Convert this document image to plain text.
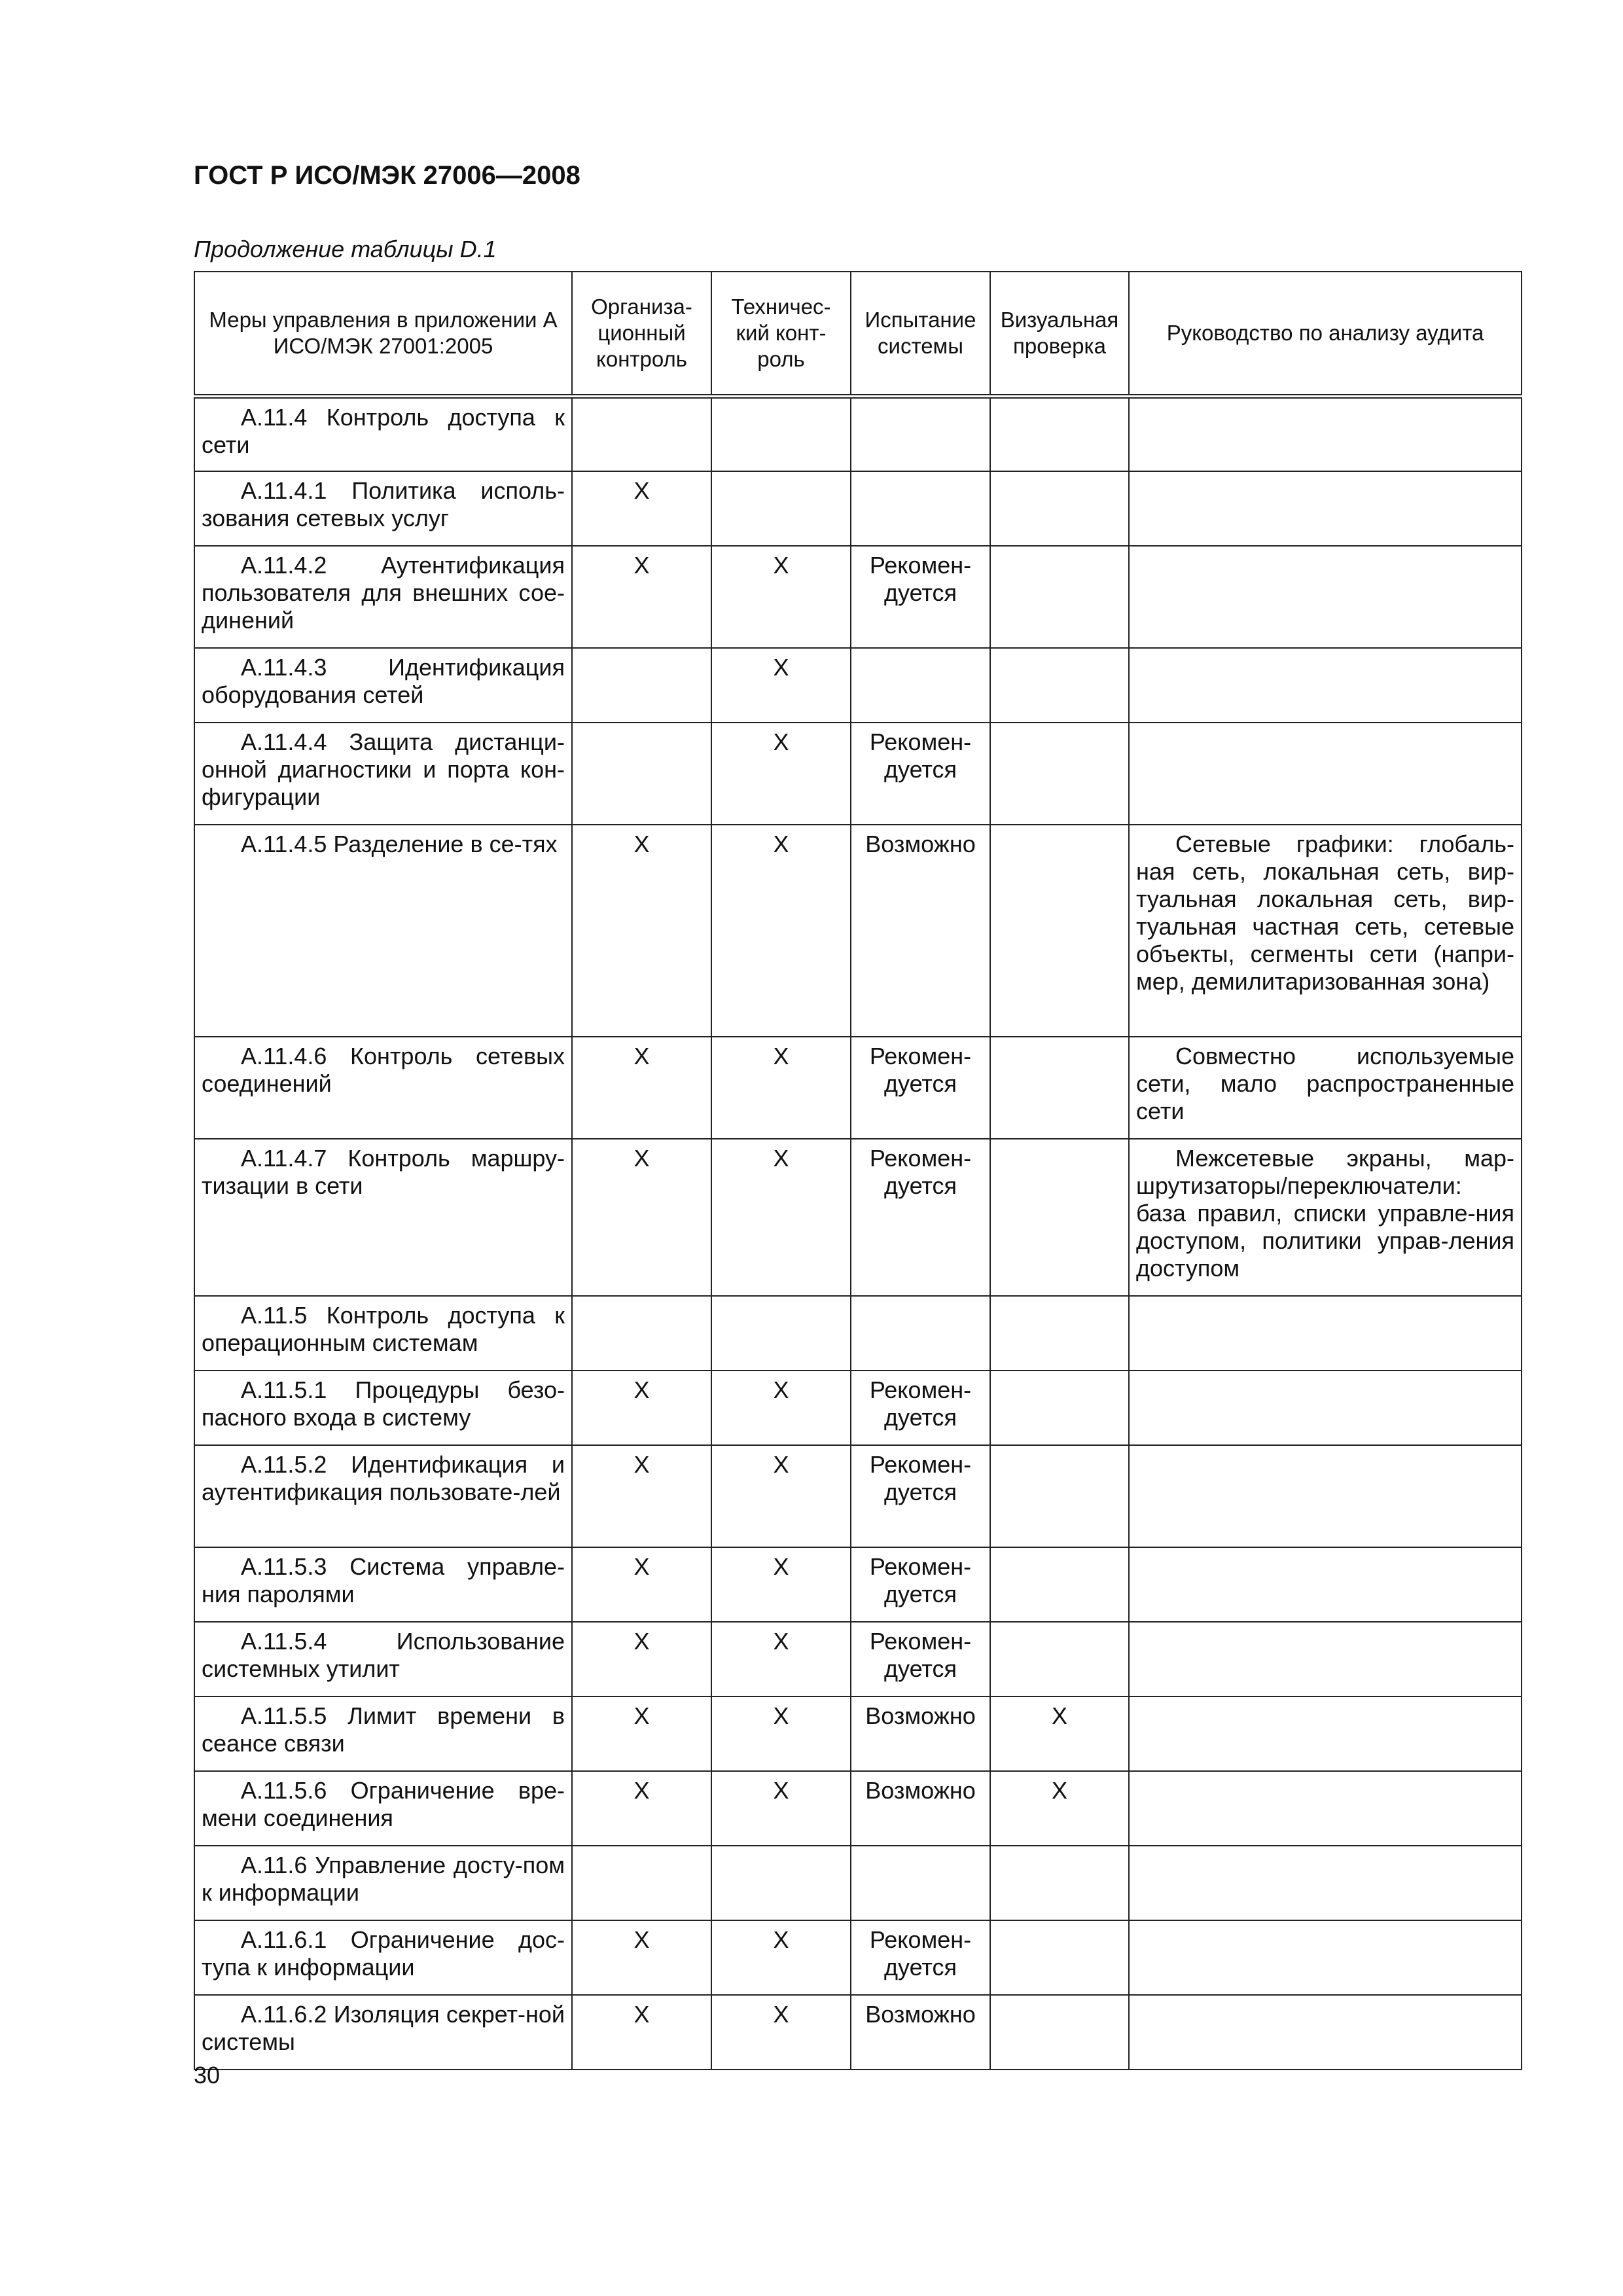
ГОСТ Р ИСО/МЭК 27006—2008
Продолжение таблицы D.1
Меры управления в приложении А ИСО/МЭК 27001:2005	Организа-ционный контроль	Техничес-кий конт-роль	Испытание системы	Визуальная проверка	Руководство по анализу аудита

А.11.4 Контроль доступа к сети					

А.11.4.1 Политика исполь-зования сетевых услуг	Х				

А.11.4.2 Аутентификация пользователя для внешних сое-динений	Х	Х	Рекомен-дуется		

А.11.4.3 Идентификация оборудования сетей		Х			

А.11.4.4 Защита дистанци-онной диагностики и порта кон-фигурации		Х	Рекомен-дуется		

А.11.4.5 Разделение в се-тях	Х	Х	Возможно		Сетевые графики: глобаль-ная сеть, локальная сеть, вир-туальная локальная сеть, вир-туальная частная сеть, сетевые объекты, сегменты сети (напри-мер, демилитаризованная зона)

А.11.4.6 Контроль сетевых соединений	Х	Х	Рекомен-дуется		Совместно используемые сети, мало распространенные сети

А.11.4.7 Контроль маршру-тизации в сети	Х	Х	Рекомен-дуется		Межсетевые экраны, мар-шрутизаторы/переключатели: база правил, списки управле-ния доступом, политики управ-ления доступом

А.11.5 Контроль доступа к операционным системам					

А.11.5.1 Процедуры безо-пасного входа в систему	Х	Х	Рекомен-дуется		

А.11.5.2 Идентификация и аутентификация пользовате-лей	Х	Х	Рекомен-дуется		

А.11.5.3 Система управле-ния паролями	Х	Х	Рекомен-дуется		

А.11.5.4 Использование системных утилит	Х	Х	Рекомен-дуется		

А.11.5.5 Лимит времени в сеансе связи	Х	Х	Возможно	Х	

А.11.5.6 Ограничение вре-мени соединения	Х	Х	Возможно	Х	

А.11.6 Управление досту-пом к информации					

А.11.6.1 Ограничение дос-тупа к информации	Х	Х	Рекомен-дуется		

А.11.6.2 Изоляция секрет-ной системы	Х	Х	Возможно		
30
